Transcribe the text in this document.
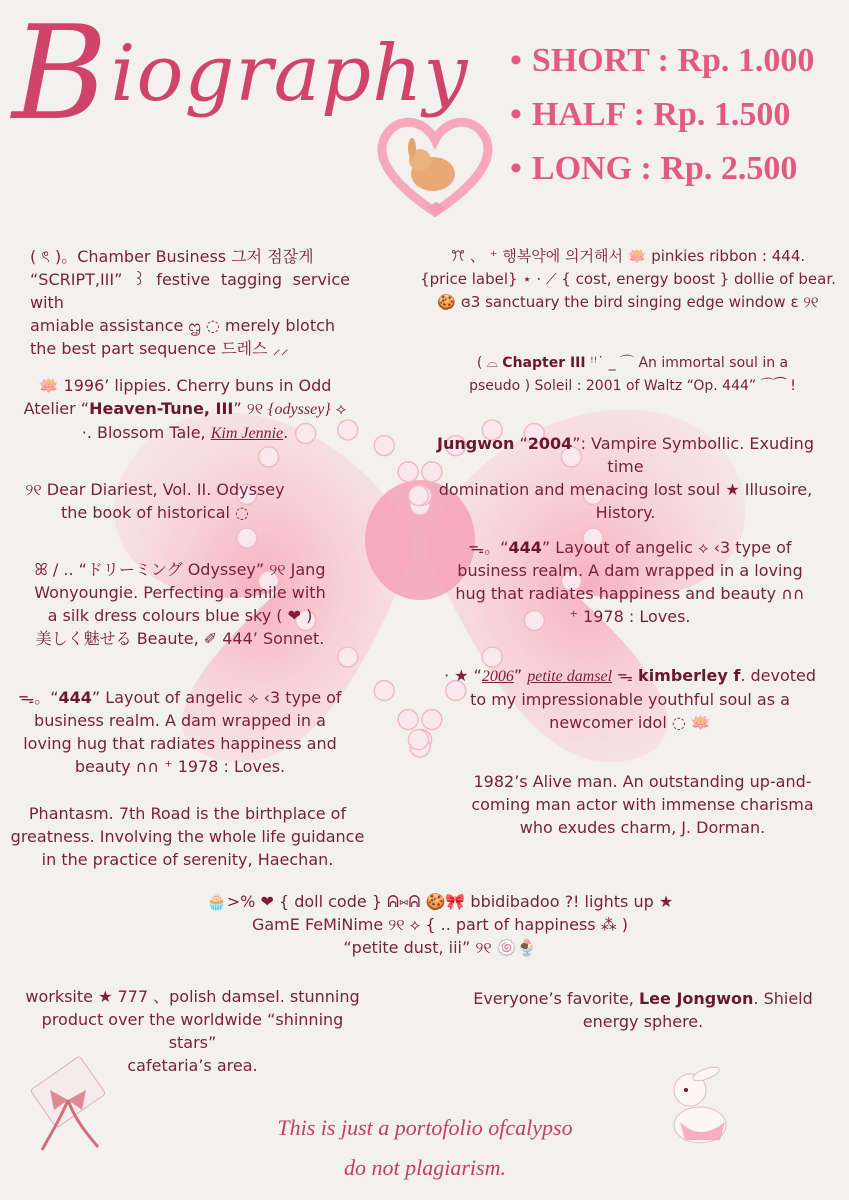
Biography • SHORT : Rp. 1.000
• HALF : Rp. 1.500
• LONG : Rp. 2.500
( ৎ )。Chamber Business 그저 점잖게
“SCRIPT,III” ꒱ festive tagging service with
amiable assistance ᦗ ◌ merely blotch
the best part sequence 드레스 ⸝⸝
🪷 1996’ lippies. Cherry buns in Odd
Atelier “Heaven-Tune, III” ୨୧ {odyssey} ⟡
·. Blossom Tale, Kim Jennie.
୨୧ Dear Diariest, Vol. II. Odyssey
the book of historical ◌
ꕤ / .. “ドリーミング Odyssey” ୨୧ Jang
Wonyoungie. Perfecting a smile with
a silk dress colours blue sky ( ❤ )
美しく魅せる Beaute, ✐ 444’ Sonnet.
ᯓ。“444” Layout of angelic ⟡ ‹3 type of
business realm. A dam wrapped in a
loving hug that radiates happiness and
beauty ∩∩ ⁺ 1978 : Loves.
Phantasm. 7th Road is the birthplace of
greatness. Involving the whole life guidance
in the practice of serenity, Haechan.
worksite ★ 777 、polish damsel. stunning
product over the worldwide “shinning stars”
cafetaria’s area.
ꔫ 、 ⁺ 행복약에 의거해서 🪷 pinkies ribbon : 444.
{price label} ⋆ ⋅ ⟋ { cost, energy boost } dollie of bear.
🍪 ɞ3 sanctuary the bird singing edge window ɛ ୨୧
( ⌓ Chapter III ꜝꜝ˙ _ ⌒ An immortal soul in a
pseudo ) Soleil : 2001 of Waltz “Op. 444” ⌒⁀ !
Jungwon “2004”: Vampire Symbollic. Exuding time
domination and menacing lost soul ★ Illusoire,
History.
ᯓ。“444” Layout of angelic ⟡ ‹3 type of
business realm. A dam wrapped in a loving
hug that radiates happiness and beauty ∩∩
⁺ 1978 : Loves.
⋅ ★ “2006” petite damsel ᯓ kimberley f. devoted
to my impressionable youthful soul as a
newcomer idol ◌ 🪷
1982’s Alive man. An outstanding up-and-
coming man actor with immense charisma
who exudes charm, J. Dorman.
Everyone’s favorite, Lee Jongwon. Shield
energy sphere.
🧁>% ❤ { doll code } ᕱ⑅ᕱ 🍪🎀 bbidibadoo ?! lights up ★
GamE FeMiNime ୨୧ ⟡ { .. part of happiness ⁂ )
“petite dust, iii” ୨୧ 🍥🍨
This is just a portofolio ofcalypso
do not plagiarism.
